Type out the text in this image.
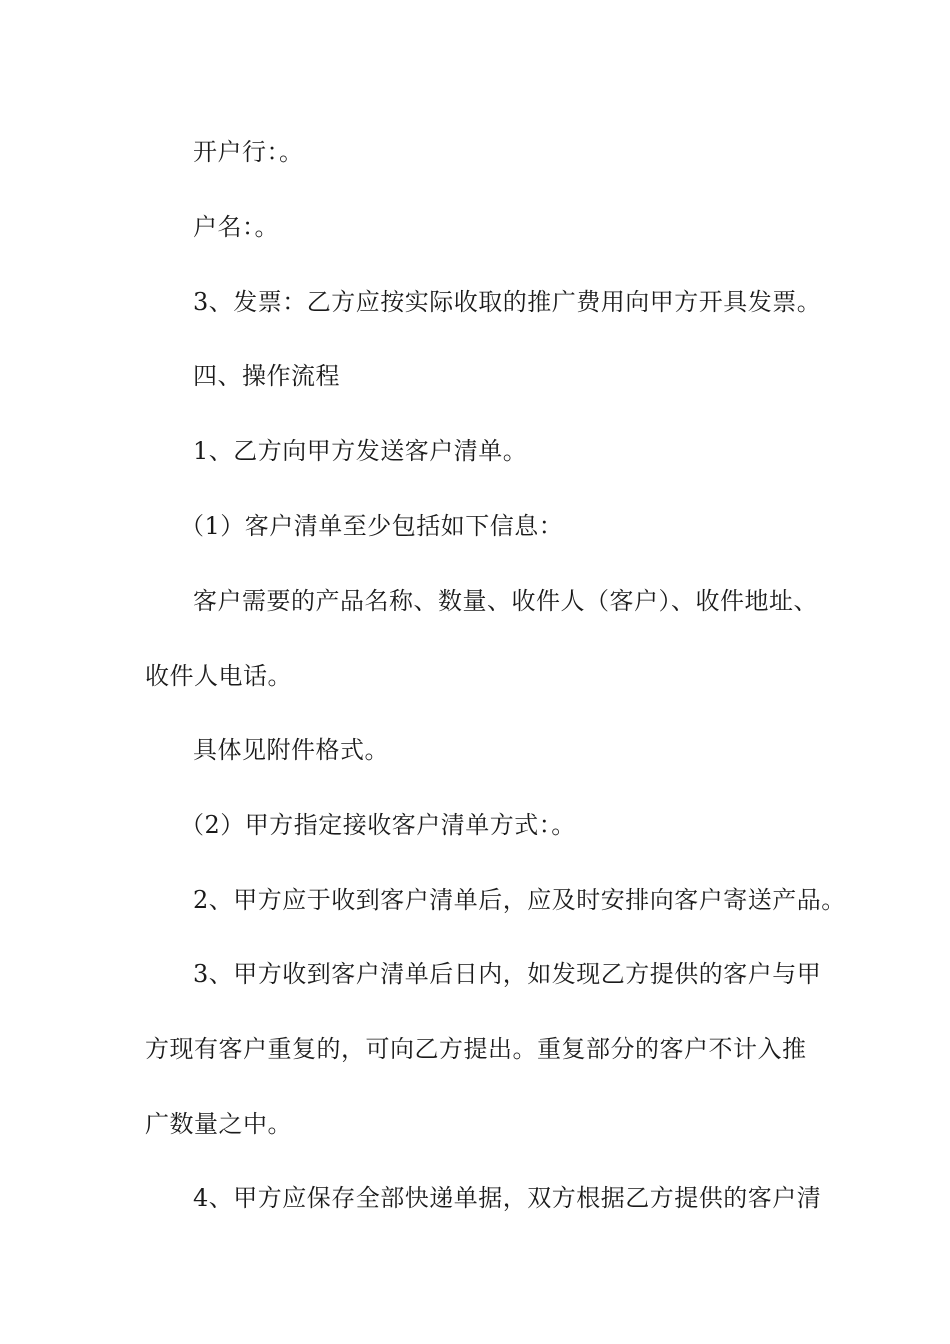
开户行：。
户名：。
3、发票：乙方应按实际收取的推广费用向甲方开具发票。
四、操作流程
1、乙方向甲方发送客户清单。
（1）客户清单至少包括如下信息：
客户需要的产品名称、数量、收件人（客户）、收件地址、
收件人电话。
具体见附件格式。
（2）甲方指定接收客户清单方式：。
2、甲方应于收到客户清单后，应及时安排向客户寄送产品。
3、甲方收到客户清单后日内，如发现乙方提供的客户与甲
方现有客户重复的，可向乙方提出。重复部分的客户不计入推
广数量之中。
4、甲方应保存全部快递单据，双方根据乙方提供的客户清
